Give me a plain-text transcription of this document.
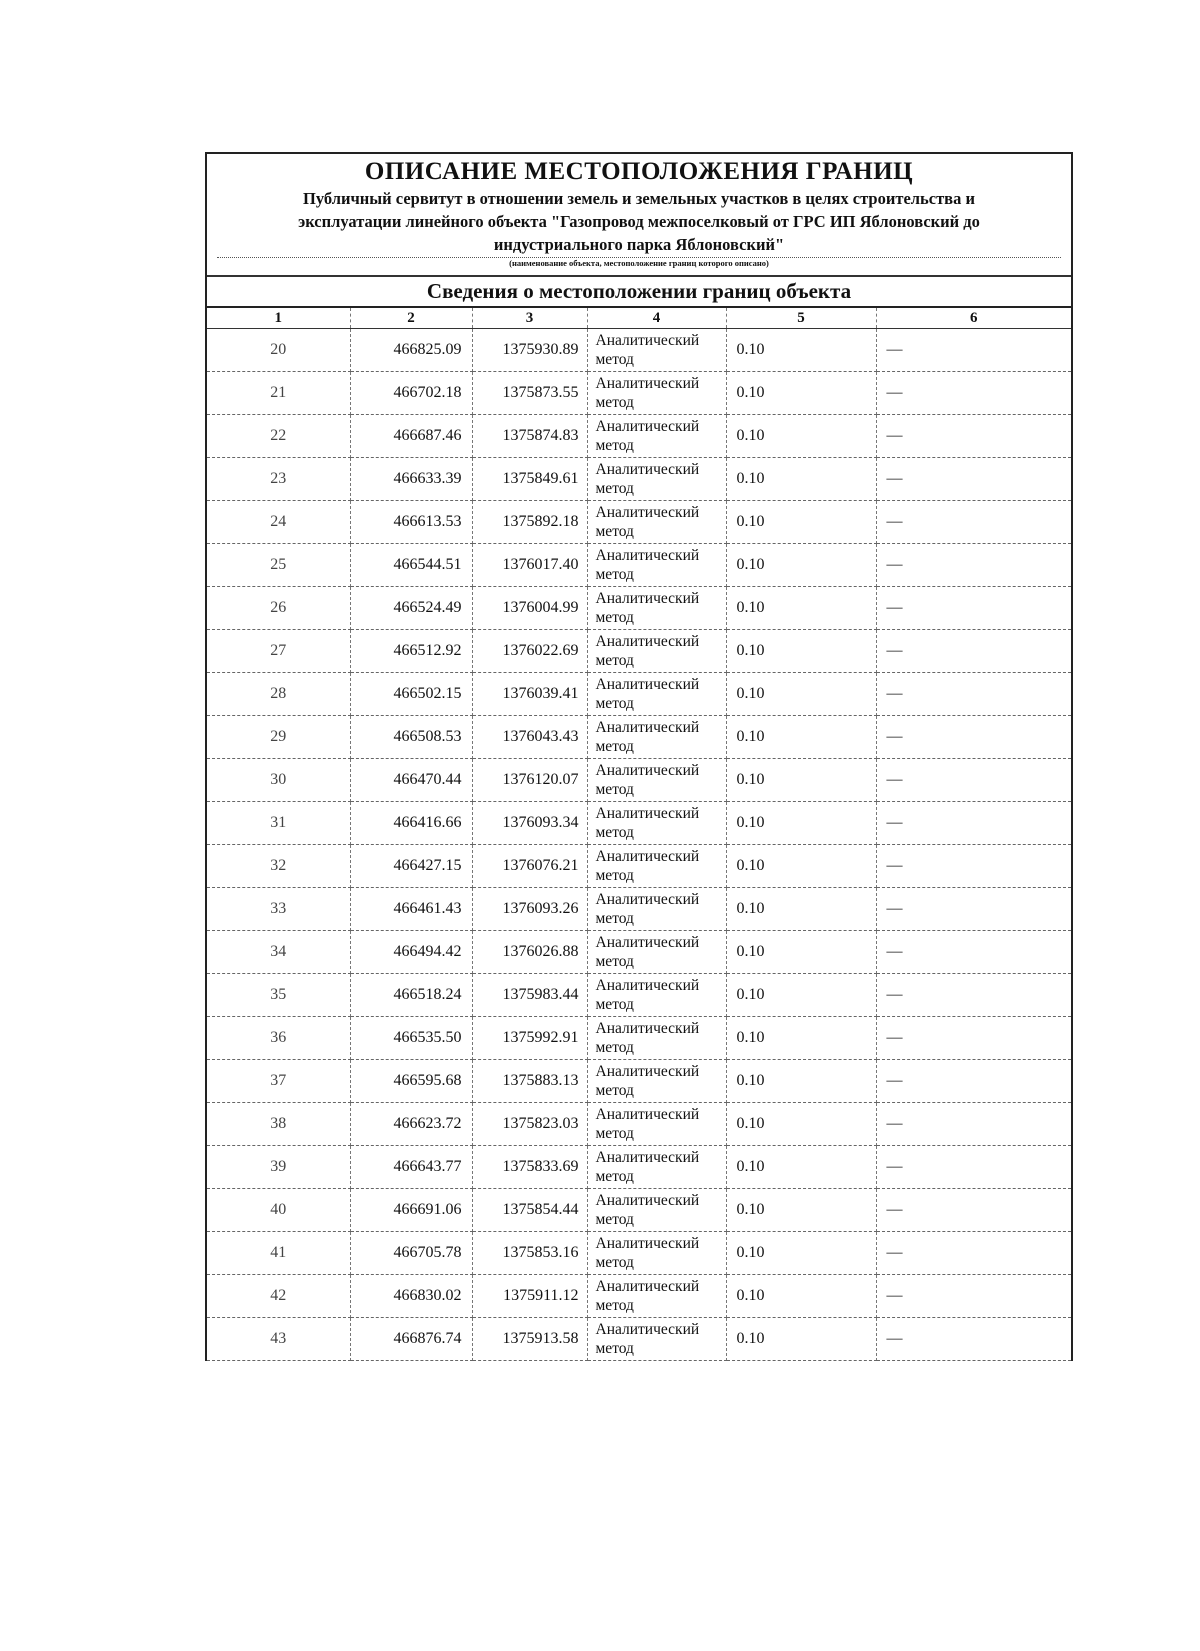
ОПИСАНИЕ МЕСТОПОЛОЖЕНИЯ ГРАНИЦ
Публичный сервитут в отношении земель и земельных участков в целях строительства и
эксплуатации линейного объекта "Газопровод межпоселковый от ГРС ИП Яблоновский до
индустриального парка Яблоновский"
(наименование объекта, местоположение границ которого описано)
Сведения о местоположении границ объекта
1	2	3	4	5	6
20	466825.09	1375930.89	Аналитический метод	0.10	—
21	466702.18	1375873.55	Аналитический метод	0.10	—
22	466687.46	1375874.83	Аналитический метод	0.10	—
23	466633.39	1375849.61	Аналитический метод	0.10	—
24	466613.53	1375892.18	Аналитический метод	0.10	—
25	466544.51	1376017.40	Аналитический метод	0.10	—
26	466524.49	1376004.99	Аналитический метод	0.10	—
27	466512.92	1376022.69	Аналитический метод	0.10	—
28	466502.15	1376039.41	Аналитический метод	0.10	—
29	466508.53	1376043.43	Аналитический метод	0.10	—
30	466470.44	1376120.07	Аналитический метод	0.10	—
31	466416.66	1376093.34	Аналитический метод	0.10	—
32	466427.15	1376076.21	Аналитический метод	0.10	—
33	466461.43	1376093.26	Аналитический метод	0.10	—
34	466494.42	1376026.88	Аналитический метод	0.10	—
35	466518.24	1375983.44	Аналитический метод	0.10	—
36	466535.50	1375992.91	Аналитический метод	0.10	—
37	466595.68	1375883.13	Аналитический метод	0.10	—
38	466623.72	1375823.03	Аналитический метод	0.10	—
39	466643.77	1375833.69	Аналитический метод	0.10	—
40	466691.06	1375854.44	Аналитический метод	0.10	—
41	466705.78	1375853.16	Аналитический метод	0.10	—
42	466830.02	1375911.12	Аналитический метод	0.10	—
43	466876.74	1375913.58	Аналитический метод	0.10	—
